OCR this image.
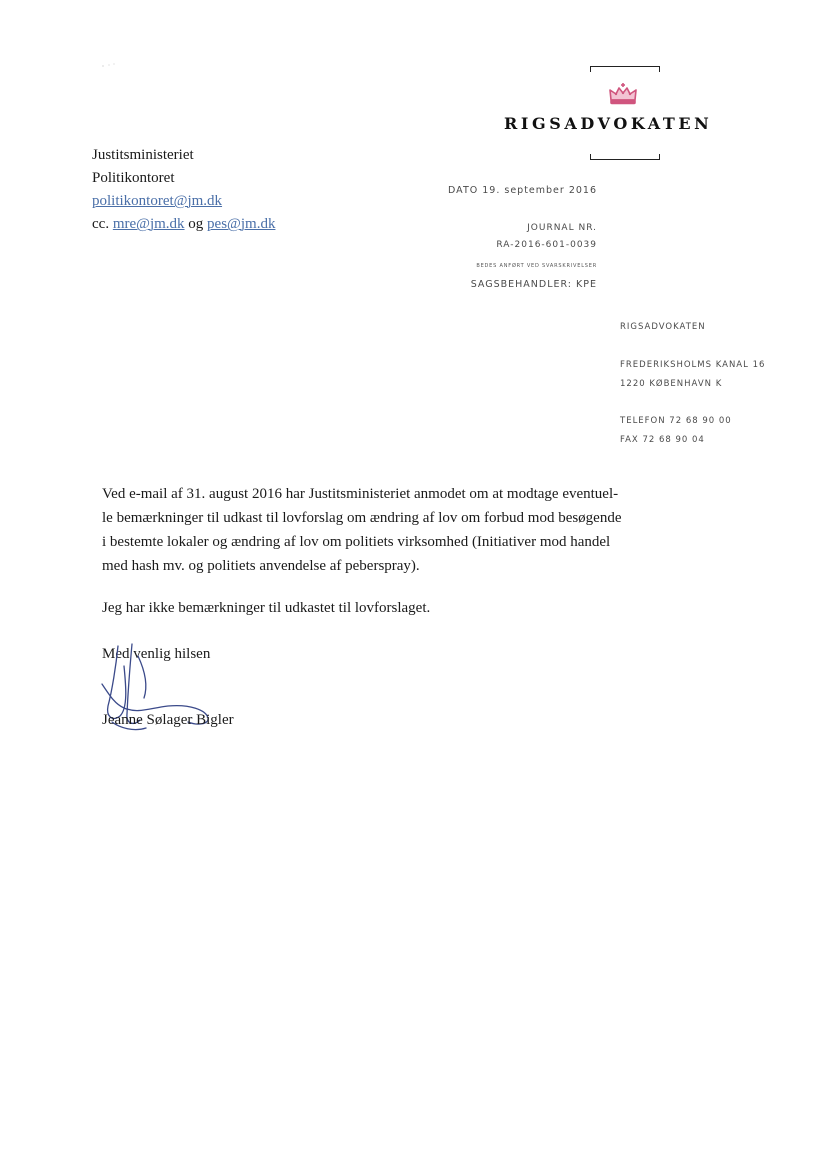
RIGSADVOKATEN
Justitsministeriet
Politikontoret
politikontoret@jm.dk
cc. mre@jm.dk og pes@jm.dk
DATO 19. september 2016
JOURNAL NR.
RA-2016-601-0039
BEDES ANFØRT VED SVARSKRIVELSER
SAGSBEHANDLER: KPE
RIGSADVOKATEN
FREDERIKSHOLMS KANAL 16
1220 KØBENHAVN K
TELEFON 72 68 90 00
FAX 72 68 90 04
Ved e-mail af 31. august 2016 har Justitsministeriet anmodet om at modtage eventuel-
le bemærkninger til udkast til lovforslag om ændring af lov om forbud mod besøgende
i bestemte lokaler og ændring af lov om politiets virksomhed (Initiativer mod handel
med hash mv. og politiets anvendelse af peberspray).
Jeg har ikke bemærkninger til udkastet til lovforslaget.
Med venlig hilsen
Jeanne Sølager Bigler
